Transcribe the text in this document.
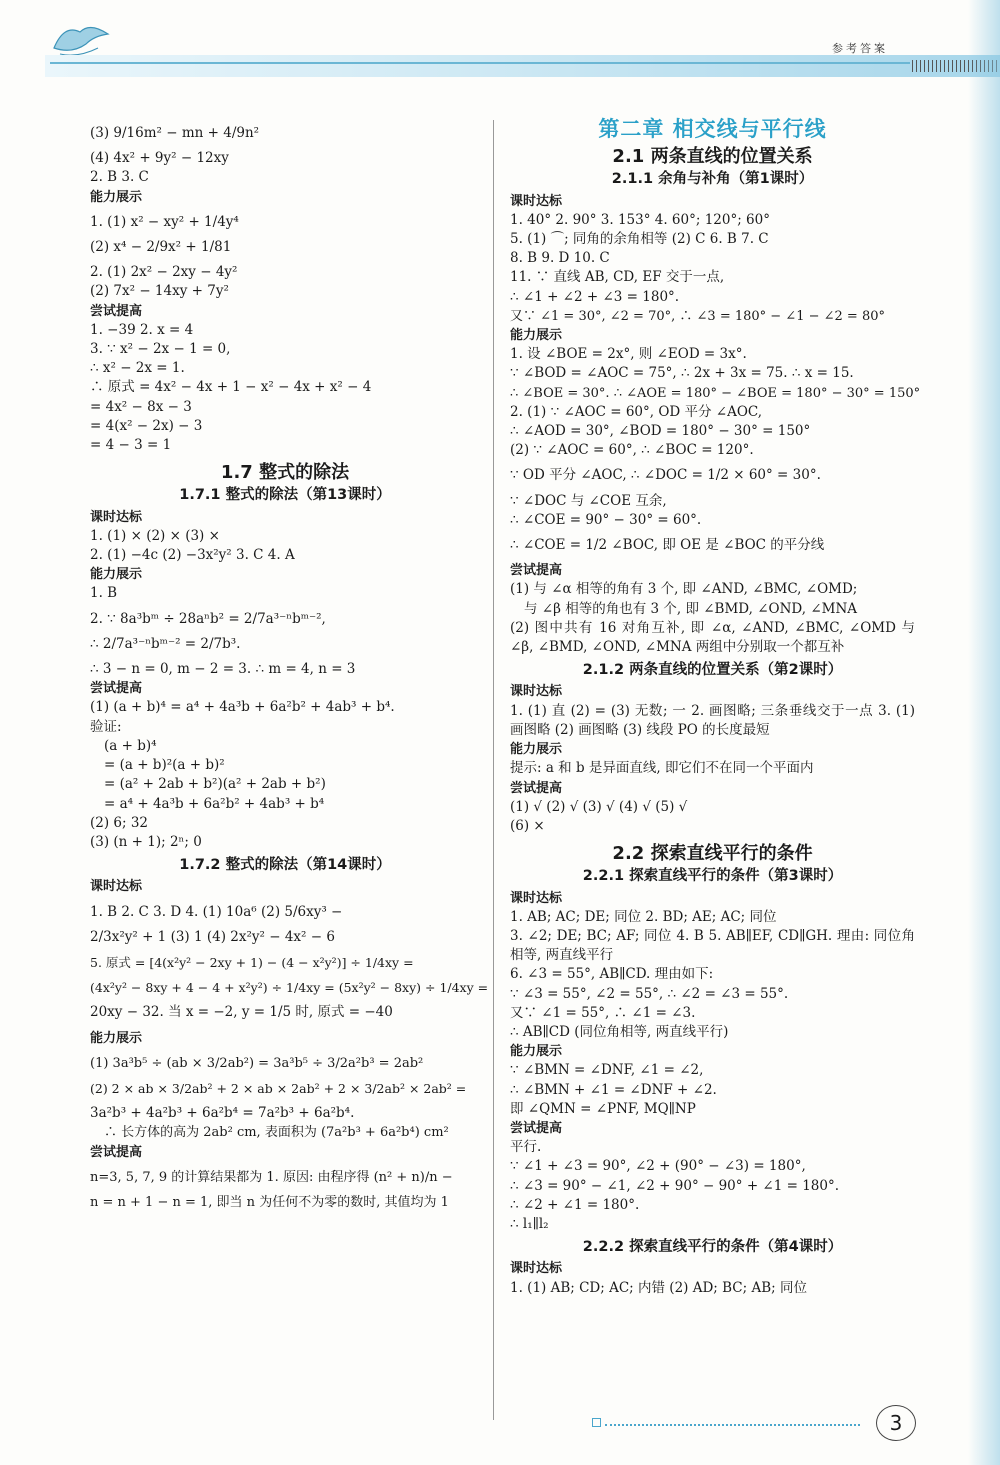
参考答案
(3) 9/16m² − mn + 4/9n²
(4) 4x² + 9y² − 12xy
2. B 3. C
能力展示
1. (1) x² − xy² + 1/4y⁴
(2) x⁴ − 2/9x² + 1/81
2. (1) 2x² − 2xy − 4y²
(2) 7x² − 14xy + 7y²
尝试提高
1. −39 2. x = 4
3. ∵ x² − 2x − 1 = 0,
∴ x² − 2x = 1.
∴ 原式 = 4x² − 4x + 1 − x² − 4x + x² − 4
= 4x² − 8x − 3
= 4(x² − 2x) − 3
= 4 − 3 = 1
1.7 整式的除法
1.7.1 整式的除法（第13课时）
课时达标
1. (1) × (2) × (3) ×
2. (1) −4c (2) −3x²y² 3. C 4. A
能力展示
1. B
2. ∵ 8a³bᵐ ÷ 28aⁿb² = 2/7a³⁻ⁿbᵐ⁻²,
∴ 2/7a³⁻ⁿbᵐ⁻² = 2/7b³.
∴ 3 − n = 0, m − 2 = 3. ∴ m = 4, n = 3
尝试提高
(1) (a + b)⁴ = a⁴ + 4a³b + 6a²b² + 4ab³ + b⁴.
验证:
(a + b)⁴
= (a + b)²(a + b)²
= (a² + 2ab + b²)(a² + 2ab + b²)
= a⁴ + 4a³b + 6a²b² + 4ab³ + b⁴
(2) 6; 32
(3) (n + 1); 2ⁿ; 0
1.7.2 整式的除法（第14课时）
课时达标
1. B 2. C 3. D 4. (1) 10a⁶ (2) 5/6xy³ −
2/3x²y² + 1 (3) 1 (4) 2x²y² − 4x² − 6
5. 原式 = [4(x²y² − 2xy + 1) − (4 − x²y²)] ÷ 1/4xy =
(4x²y² − 8xy + 4 − 4 + x²y²) ÷ 1/4xy = (5x²y² − 8xy) ÷ 1/4xy =
20xy − 32. 当 x = −2, y = 1/5 时, 原式 = −40
能力展示
(1) 3a³b⁵ ÷ (ab × 3/2ab²) = 3a³b⁵ ÷ 3/2a²b³ = 2ab²
(2) 2 × ab × 3/2ab² + 2 × ab × 2ab² + 2 × 3/2ab² × 2ab² =
3a²b³ + 4a²b³ + 6a²b⁴ = 7a²b³ + 6a²b⁴.
∴ 长方体的高为 2ab² cm, 表面积为 (7a²b³ + 6a²b⁴) cm²
尝试提高
n=3, 5, 7, 9 的计算结果都为 1. 原因: 由程序得 (n² + n)/n −
n = n + 1 − n = 1, 即当 n 为任何不为零的数时, 其值均为 1
第二章 相交线与平行线
2.1 两条直线的位置关系
2.1.1 余角与补角（第1课时）
课时达标
1. 40° 2. 90° 3. 153° 4. 60°; 120°; 60°
5. (1) ⌒; 同角的余角相等 (2) C 6. B 7. C
8. B 9. D 10. C
11. ∵ 直线 AB, CD, EF 交于一点,
∴ ∠1 + ∠2 + ∠3 = 180°.
又∵ ∠1 = 30°, ∠2 = 70°, ∴ ∠3 = 180° − ∠1 − ∠2 = 80°
能力展示
1. 设 ∠BOE = 2x°, 则 ∠EOD = 3x°.
∵ ∠BOD = ∠AOC = 75°, ∴ 2x + 3x = 75. ∴ x = 15.
∴ ∠BOE = 30°. ∴ ∠AOE = 180° − ∠BOE = 180° − 30° = 150°
2. (1) ∵ ∠AOC = 60°, OD 平分 ∠AOC,
∴ ∠AOD = 30°, ∠BOD = 180° − 30° = 150°
(2) ∵ ∠AOC = 60°, ∴ ∠BOC = 120°.
∵ OD 平分 ∠AOC, ∴ ∠DOC = 1/2 × 60° = 30°.
∵ ∠DOC 与 ∠COE 互余,
∴ ∠COE = 90° − 30° = 60°.
∴ ∠COE = 1/2 ∠BOC, 即 OE 是 ∠BOC 的平分线
尝试提高
(1) 与 ∠α 相等的角有 3 个, 即 ∠AND, ∠BMC, ∠OMD;
与 ∠β 相等的角也有 3 个, 即 ∠BMD, ∠OND, ∠MNA
(2) 图中共有 16 对角互补, 即 ∠α, ∠AND, ∠BMC, ∠OMD 与 ∠β, ∠BMD, ∠OND, ∠MNA 两组中分别取一个都互补
2.1.2 两条直线的位置关系（第2课时）
课时达标
1. (1) 直 (2) = (3) 无数; 一 2. 画图略; 三条垂线交于一点 3. (1) 画图略 (2) 画图略 (3) 线段 PO 的长度最短
能力展示
提示: a 和 b 是异面直线, 即它们不在同一个平面内
尝试提高
(1) √ (2) √ (3) √ (4) √ (5) √
(6) ×
2.2 探索直线平行的条件
2.2.1 探索直线平行的条件（第3课时）
课时达标
1. AB; AC; DE; 同位 2. BD; AE; AC; 同位
3. ∠2; DE; BC; AF; 同位 4. B 5. AB∥EF, CD∥GH. 理由: 同位角相等, 两直线平行
6. ∠3 = 55°, AB∥CD. 理由如下:
∵ ∠3 = 55°, ∠2 = 55°, ∴ ∠2 = ∠3 = 55°.
又∵ ∠1 = 55°, ∴ ∠1 = ∠3.
∴ AB∥CD (同位角相等, 两直线平行)
能力展示
∵ ∠BMN = ∠DNF, ∠1 = ∠2,
∴ ∠BMN + ∠1 = ∠DNF + ∠2.
即 ∠QMN = ∠PNF, MQ∥NP
尝试提高
平行.
∵ ∠1 + ∠3 = 90°, ∠2 + (90° − ∠3) = 180°,
∴ ∠3 = 90° − ∠1, ∠2 + 90° − 90° + ∠1 = 180°.
∴ ∠2 + ∠1 = 180°.
∴ l₁∥l₂
2.2.2 探索直线平行的条件（第4课时）
课时达标
1. (1) AB; CD; AC; 内错 (2) AD; BC; AB; 同位
3
